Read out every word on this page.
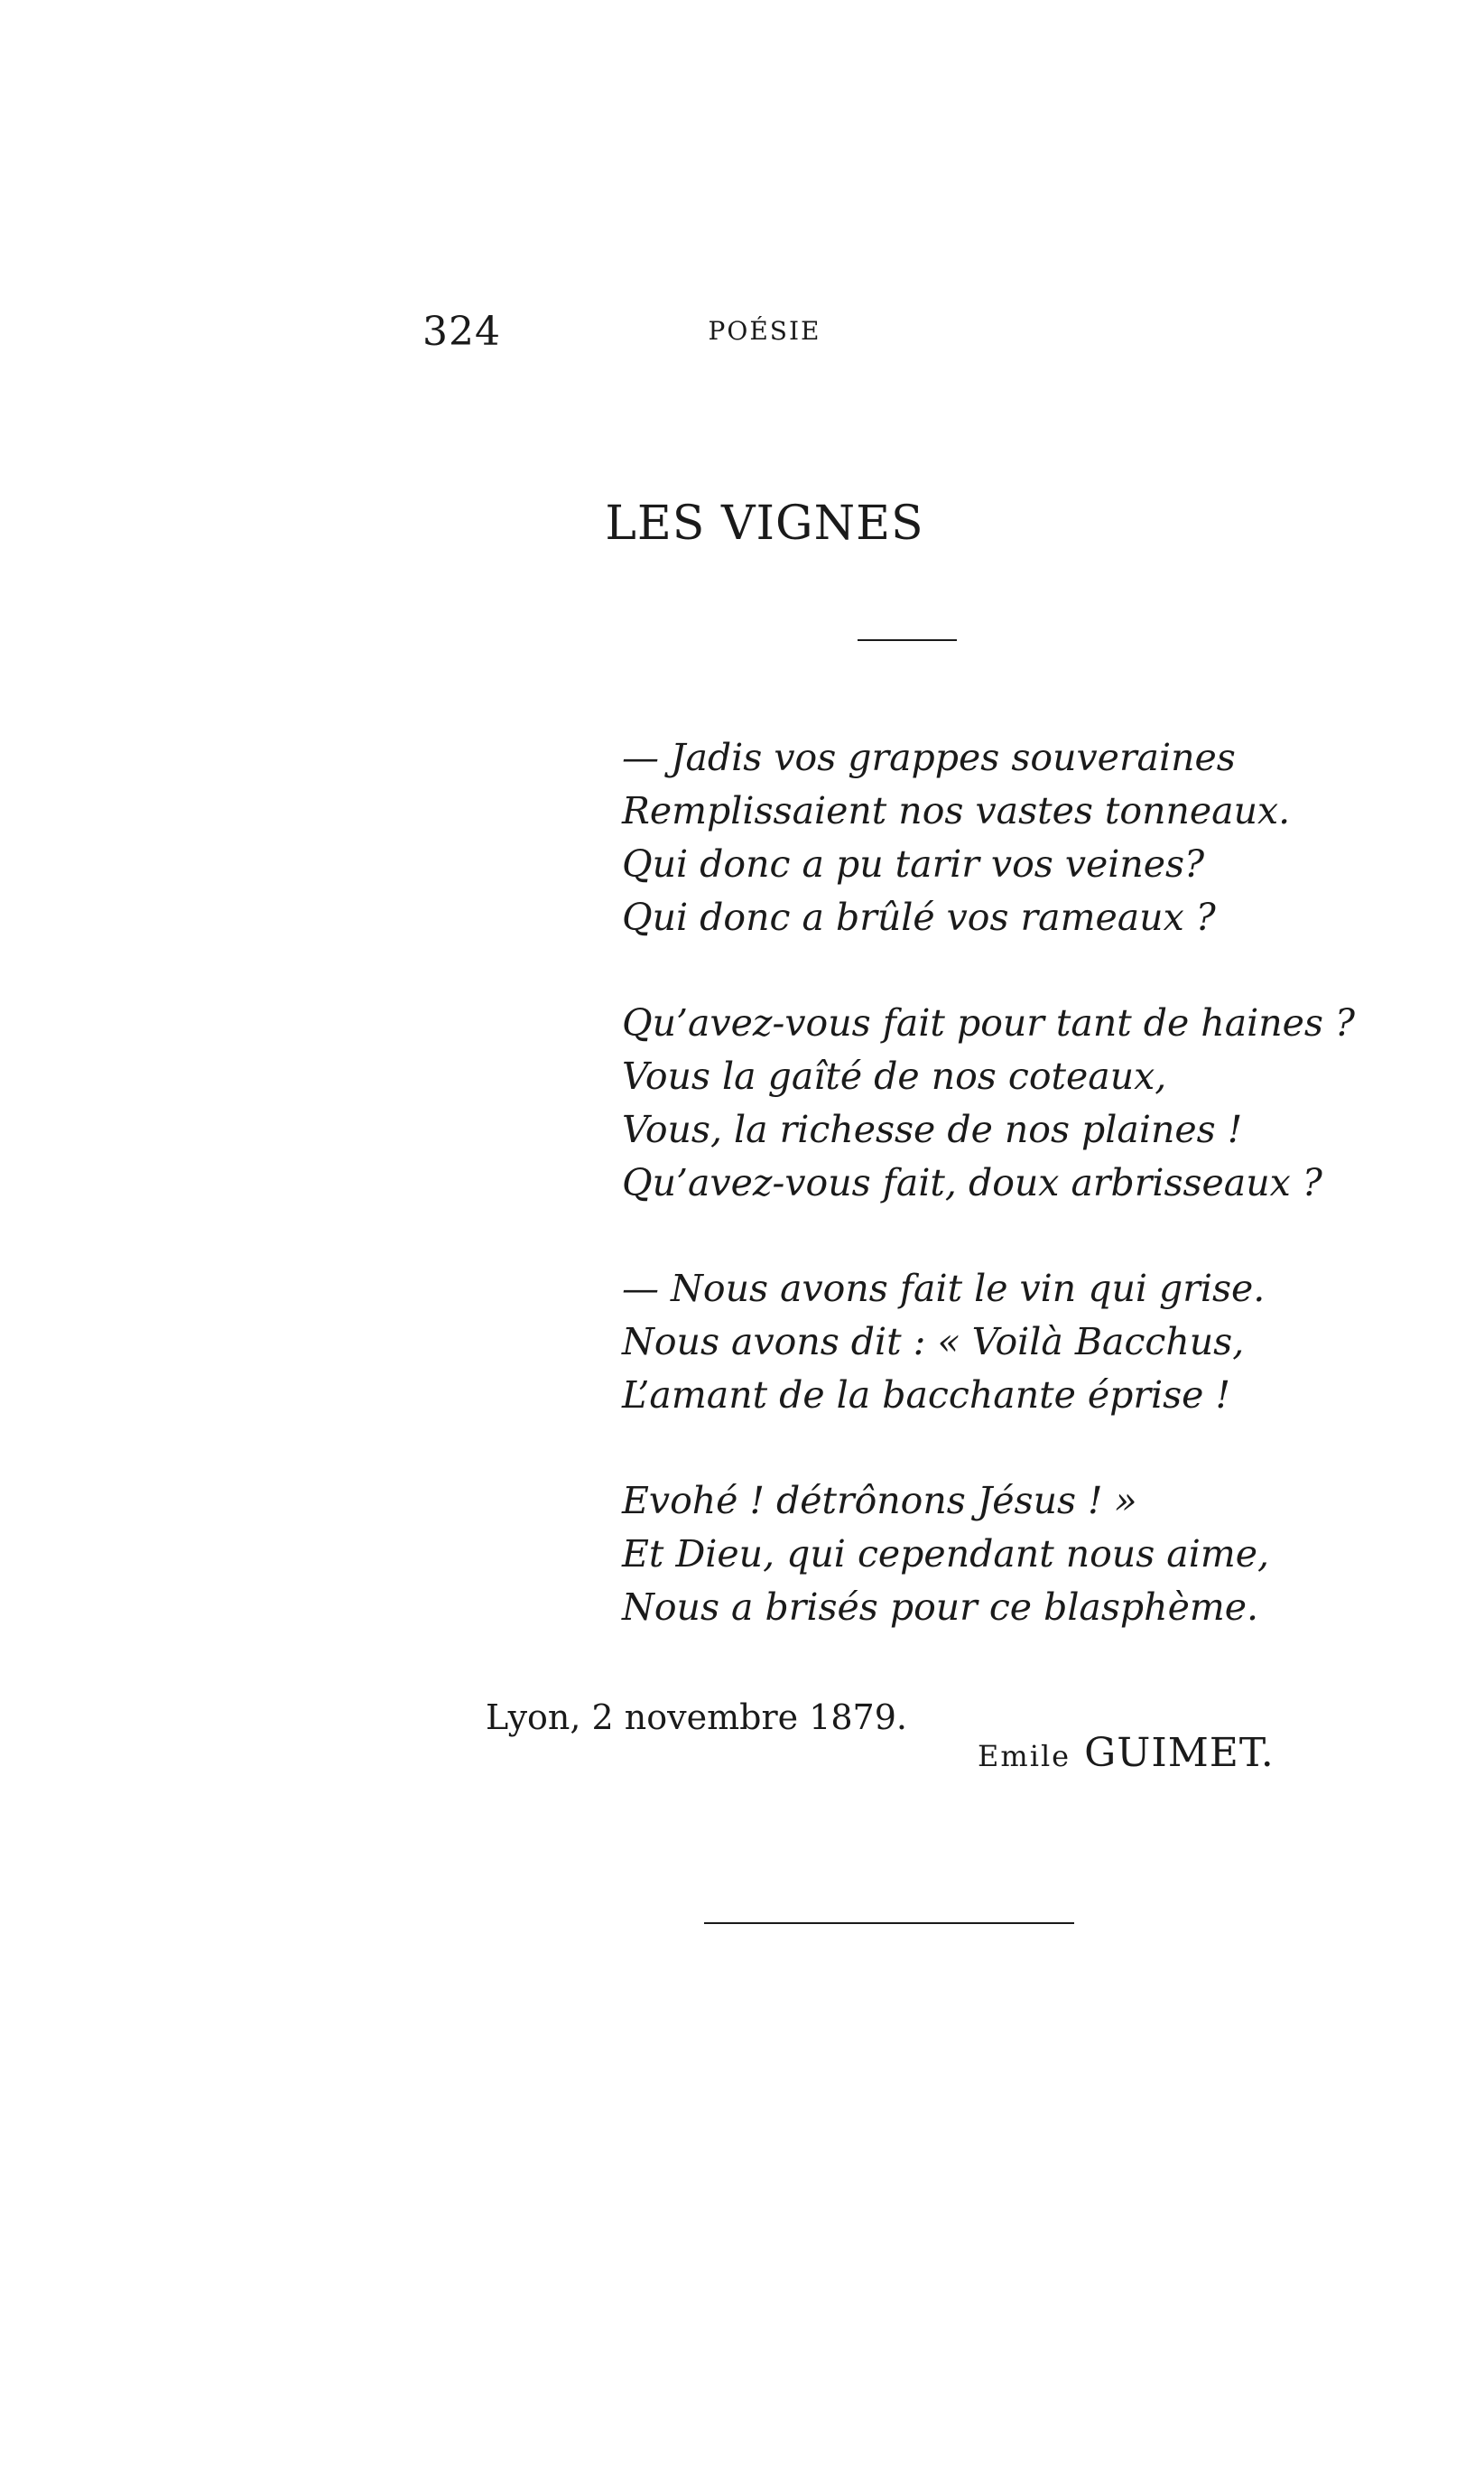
324	POÉSIE
LES VIGNES
— Jadis vos grappes souveraines
Remplissaient nos vastes tonneaux.
Qui donc a pu tarir vos veines?
Qui donc a brûlé vos rameaux ?
Qu’avez-vous fait pour tant de haines ?
Vous la gaîté de nos coteaux,
Vous, la richesse de nos plaines !
Qu’avez-vous fait, doux arbrisseaux ?
— Nous avons fait le vin qui grise.
Nous avons dit : « Voilà Bacchus,
L’amant de la bacchante éprise !
Evohé ! détrônons Jésus ! »
Et Dieu, qui cependant nous aime,
Nous a brisés pour ce blasphème.
Lyon, 2 novembre 1879.
Emile GUIMET.
